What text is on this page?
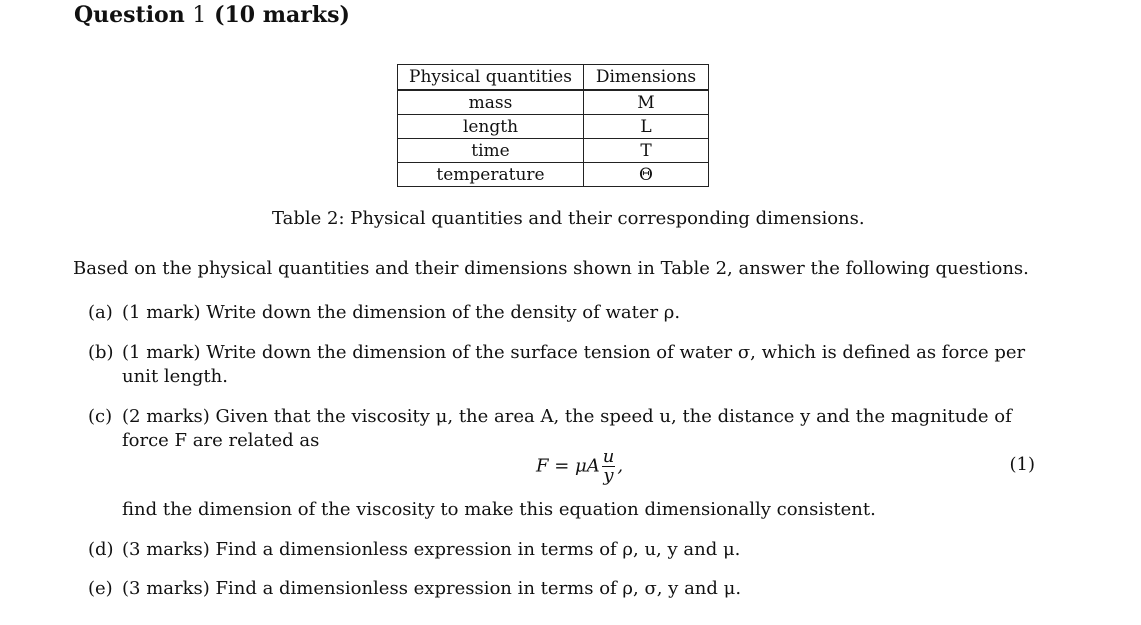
Question 1 (10 marks)
Physical quantities	Dimensions
mass	M
length	L
time	T
temperature	Θ
Table 2: Physical quantities and their corresponding dimensions.
Based on the physical quantities and their dimensions shown in Table 2, answer the following questions.
(a) (1 mark) Write down the dimension of the density of water ρ.
(b) (1 mark) Write down the dimension of the surface tension of water σ, which is defined as force per unit length.
(c) (2 marks) Given that the viscosity μ, the area A, the speed u, the distance y and the magnitude of force F are related as
F = μA $\frac{u}{y}$ ,	(1)
find the dimension of the viscosity to make this equation dimensionally consistent.
(d) (3 marks) Find a dimensionless expression in terms of ρ, u, y and μ.
(e) (3 marks) Find a dimensionless expression in terms of ρ, σ, y and μ.
